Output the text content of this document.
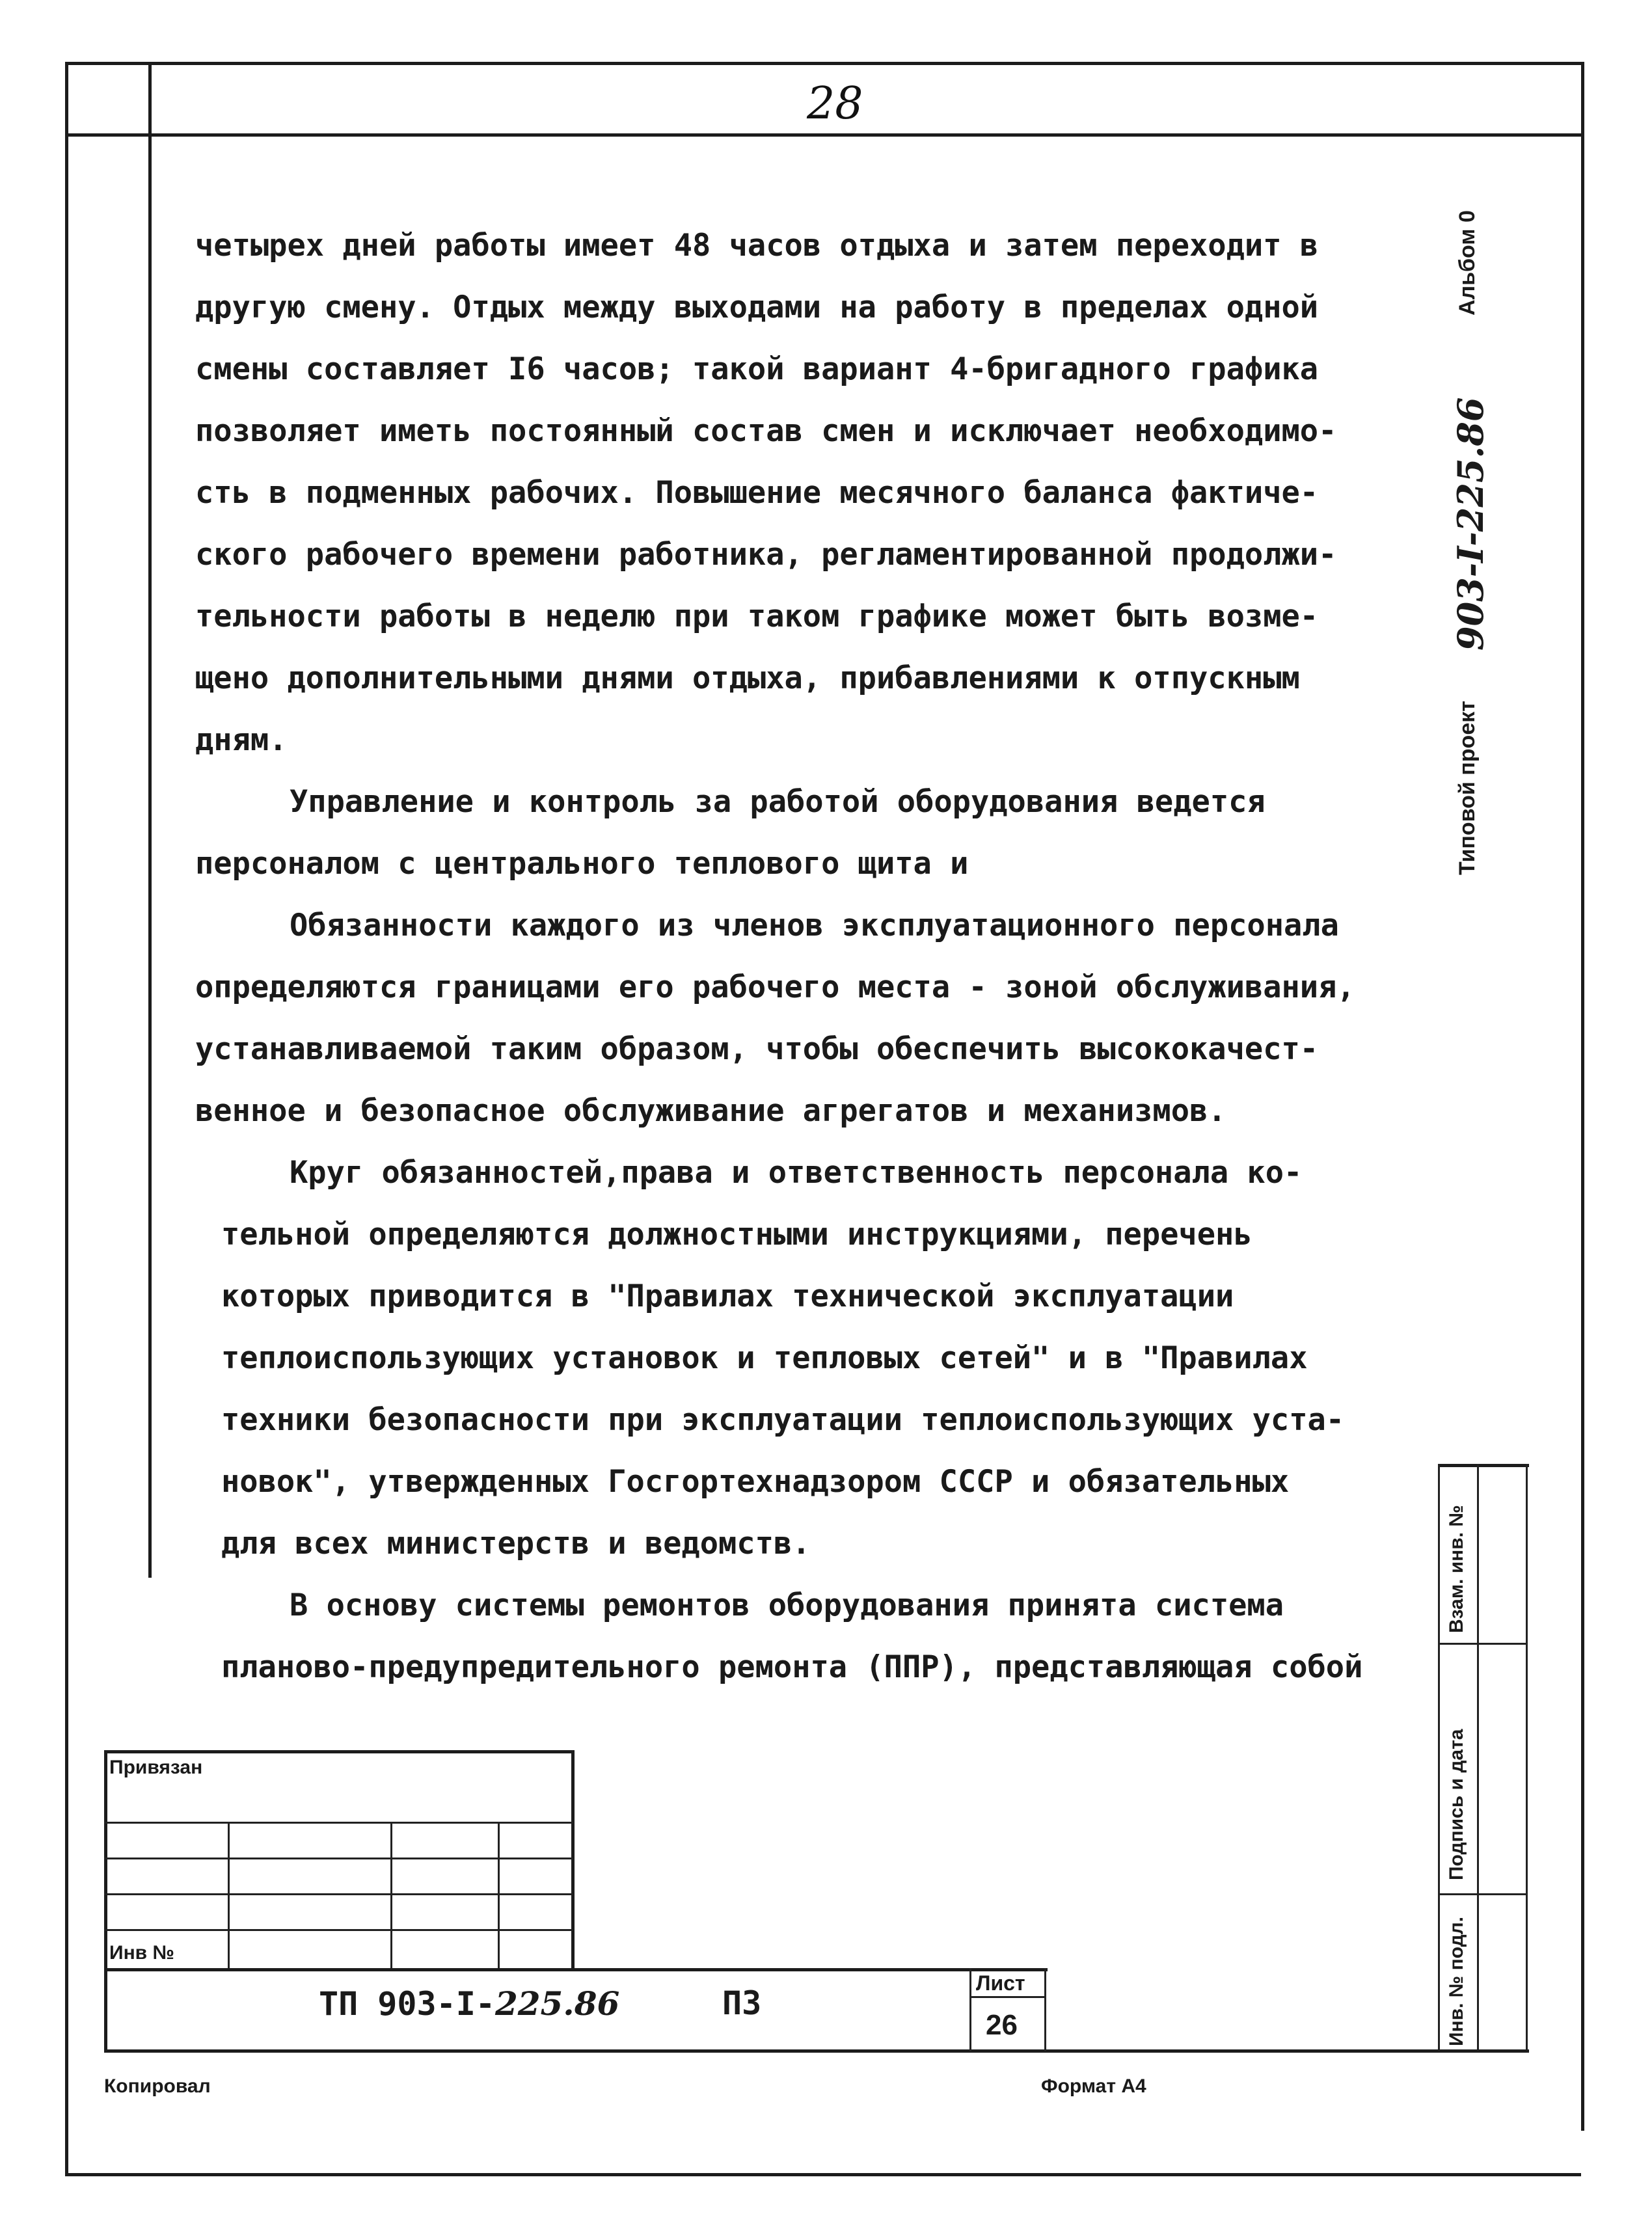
28
Альбом 0
Типовой проект
903-I-225.86

четырех дней работы имеет 48 часов отдыха и затем переходит в

другую смену. Отдых между выходами на работу в пределах одной

смены составляет I6 часов; такой вариант 4-бригадного графика

позволяет иметь постоянный состав смен и исключает необходимо-

сть в подменных рабочих. Повышение месячного баланса фактиче-

ского рабочего времени работника, регламентированной продолжи-

тельности работы в неделю при таком графике может быть возме-

щено дополнительными днями отдыха, прибавлениями к отпускным

дням.

Управление и контроль за работой оборудования ведется

персоналом с центрального теплового щита и

Обязанности каждого из членов эксплуатационного персонала

определяются границами его рабочего места - зоной обслуживания,

устанавливаемой таким образом, чтобы обеспечить высококачест-

венное и безопасное обслуживание агрегатов и механизмов.

Круг обязанностей,права и ответственность персонала ко-

тельной определяются должностными инструкциями, перечень

которых приводится в "Правилах технической эксплуатации

теплоиспользующих установок и тепловых сетей" и в "Правилах

техники безопасности при эксплуатации теплоиспользующих уста-

новок", утвержденных Госгортехнадзором СССР и обязательных

для всех министерств и ведомств.

В основу системы ремонтов оборудования принята система

планово-предупредительного ремонта (ППР), представляющая собой

Взам. инв. №
Подпись и дата
Инв. № подл.
Привязан
Инв №
ТП 903-I-225.86	ПЗ
Лист
26
Копировал	Формат А4
